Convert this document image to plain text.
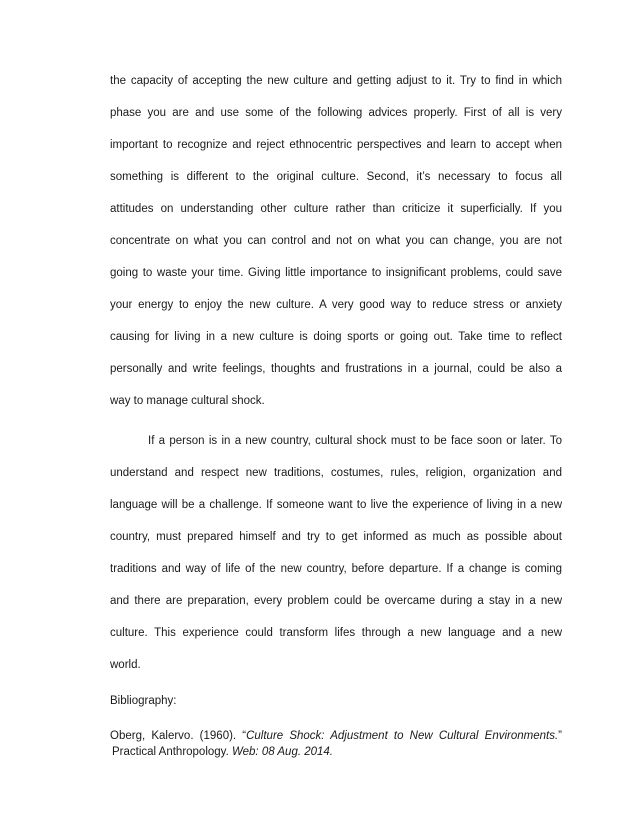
the capacity of accepting the new culture and getting adjust to it. Try to find in which
phase you are and use some of the following advices properly. First of all is very
important to recognize and reject ethnocentric perspectives and learn to accept when
something is different to the original culture. Second, it’s necessary to focus all
attitudes on understanding other culture rather than criticize it superficially. If you
concentrate on what you can control and not on what you can change, you are not
going to waste your time. Giving little importance to insignificant problems, could save
your energy to enjoy the new culture. A very good way to reduce stress or anxiety
causing for living in a new culture is doing sports or going out. Take time to reflect
personally and write feelings, thoughts and frustrations in a journal, could be also a
way to manage cultural shock.
If a person is in a new country, cultural shock must to be face soon or later. To
understand and respect new traditions, costumes, rules, religion, organization and
language will be a challenge. If someone want to live the experience of living in a new
country, must prepared himself and try to get informed as much as possible about
traditions and way of life of the new country, before departure. If a change is coming
and there are preparation, every problem could be overcame during a stay in a new
culture. This experience could transform lifes through a new language and a new
world.
Bibliography:
Oberg, Kalervo. (1960). “Culture Shock: Adjustment to New Cultural Environments.”
Practical Anthropology. Web: 08 Aug. 2014.
